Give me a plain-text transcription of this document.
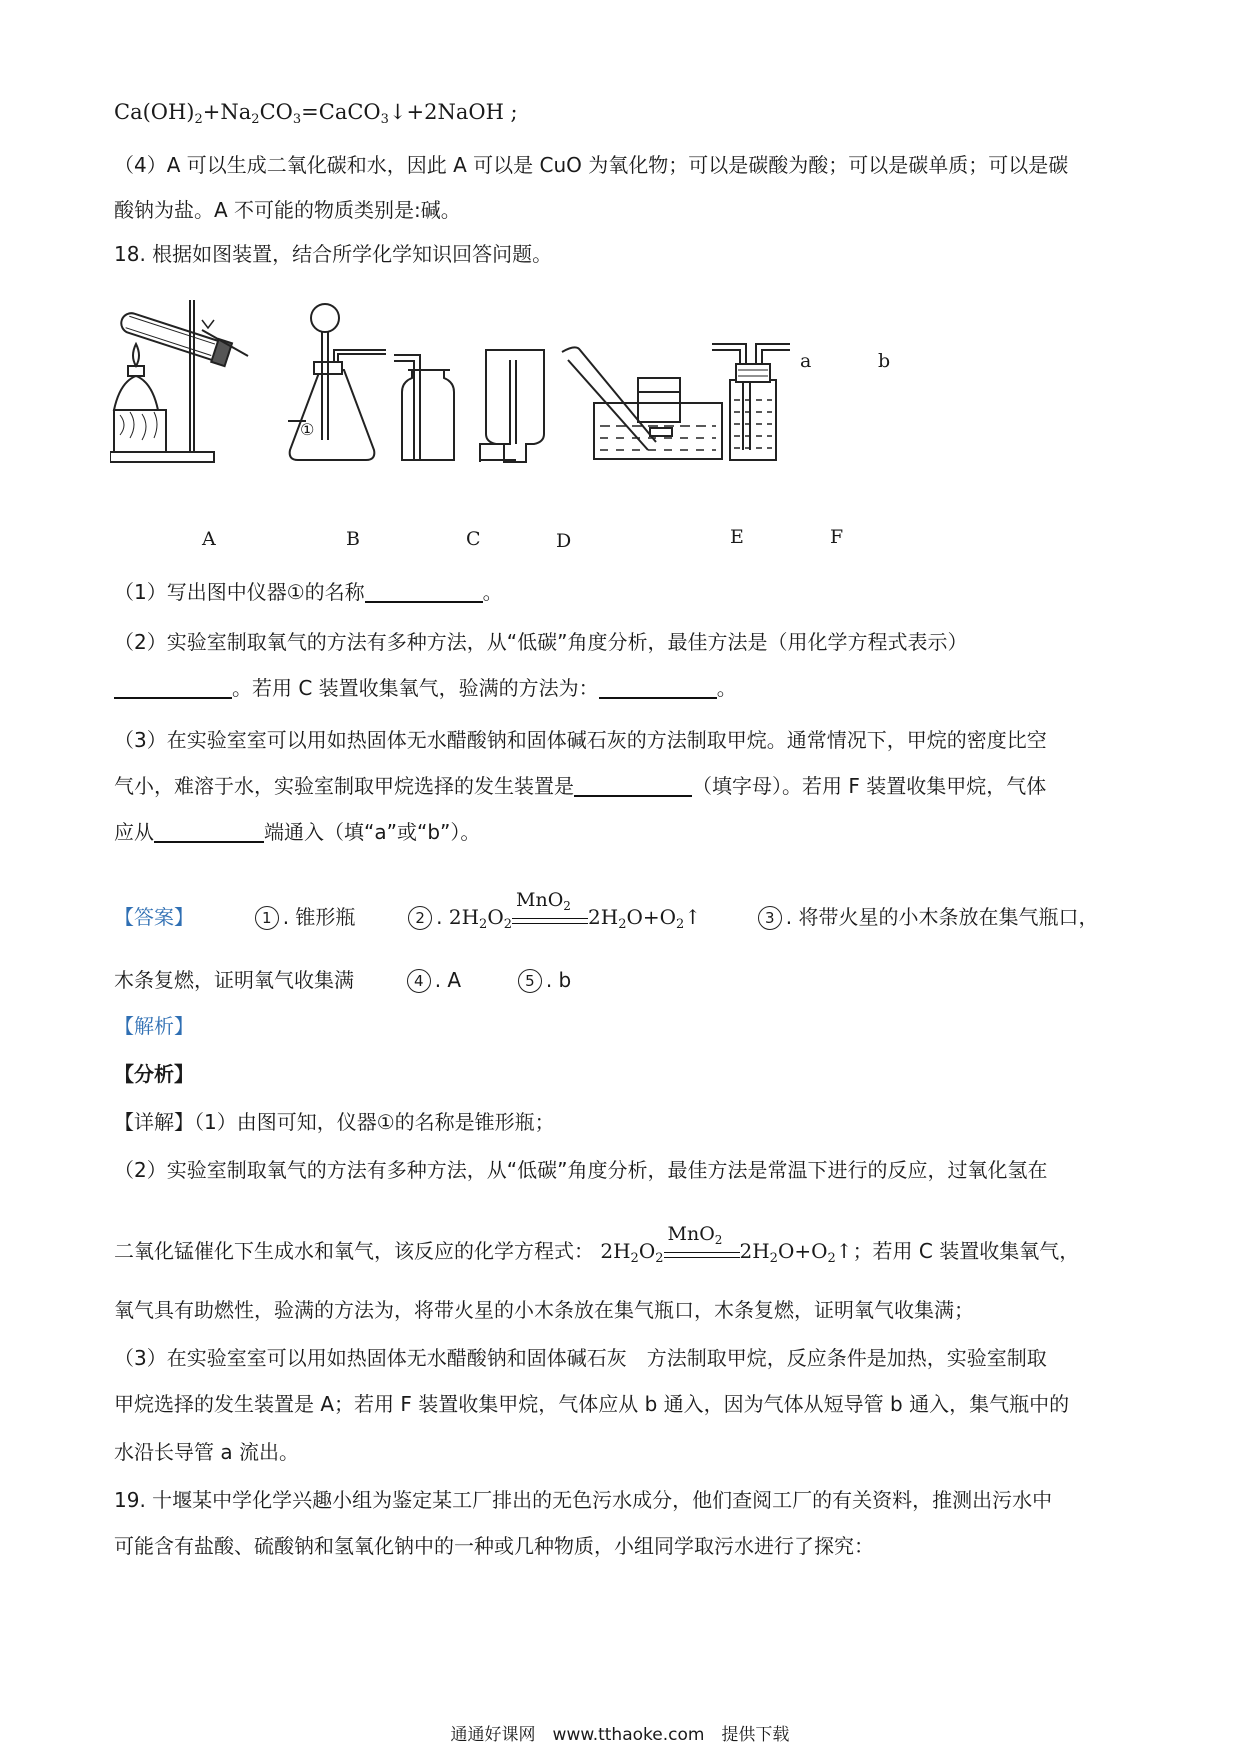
$Ca(OH)_2+Na_2CO_3=CaCO_3↓+2NaOH$ ;
（4）A 可以生成二氧化碳和水，因此 A 可以是 CuO 为氧化物；可以是碳酸为酸；可以是碳单质；可以是碳
酸钠为盐。A 不可能的物质类别是:碱。
18. 根据如图装置，结合所学化学知识回答问题。
①
A	B	C	D	E	F
a	b
（1）写出图中仪器①的名称	。
（2）实验室制取氧气的方法有多种方法，从“低碳”角度分析，最佳方法是（用化学方程式表示）
。若用 C 装置收集氧气，验满的方法为：	。
（3）在实验室室可以用如热固体无水醋酸钠和固体碱石灰的方法制取甲烷。通常情况下，甲烷的密度比空
气小，难溶于水，实验室制取甲烷选择的发生装置是	（填字母）。若用 F 装置收集甲烷，气体
应从	端通入（填“a”或“b”）。
【答案】	1 . 锥形瓶	2 . $2H_2O_2$
MnO$_2$ $2H_2O+O_2↑$	3 . 将带火星的小木条放在集气瓶口，
木条复燃，证明氧气收集满	4 . A	5 . b
【解析】
【分析】
【详解】（1）由图可知，仪器①的名称是锥形瓶；
（2）实验室制取氧气的方法有多种方法，从“低碳”角度分析，最佳方法是常温下进行的反应，过氧化氢在
二氧化锰催化下生成水和氧气，该反应的化学方程式： $2H_2O_2$
MnO$_2$ $2H_2O+O_2↑$；若用 C 装置收集氧气，
氧气具有助燃性，验满的方法为，将带火星的小木条放在集气瓶口，木条复燃，证明氧气收集满；
（3）在实验室室可以用如热固体无水醋酸钠和固体碱石灰　方法制取甲烷，反应条件是加热，实验室制取
甲烷选择的发生装置是 A；若用 F 装置收集甲烷，气体应从 b 通入，因为气体从短导管 b 通入，集气瓶中的
水沿长导管 a 流出。
19. 十堰某中学化学兴趣小组为鉴定某工厂排出的无色污水成分，他们查阅工厂的有关资料，推测出污水中
可能含有盐酸、硫酸钠和氢氧化钠中的一种或几种物质，小组同学取污水进行了探究：
通通好课网　www.tthaoke.com　提供下载
